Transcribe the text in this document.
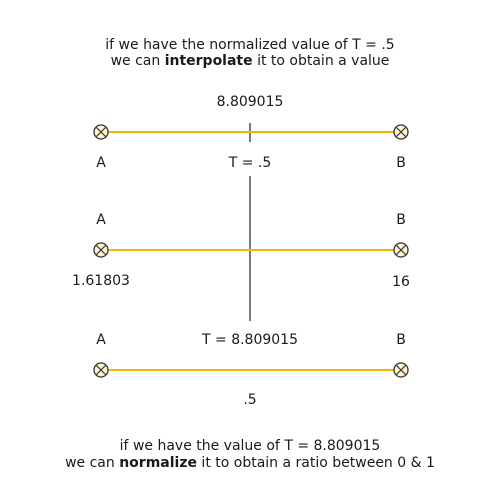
if we have the normalized value of T = .5
we can interpolate it to obtain a value
8.809015
A	T = .5	B
A	B
1.61803	16
A	T = 8.809015	B
.5
if we have the value of T = 8.809015
we can normalize it to obtain a ratio between 0 & 1
